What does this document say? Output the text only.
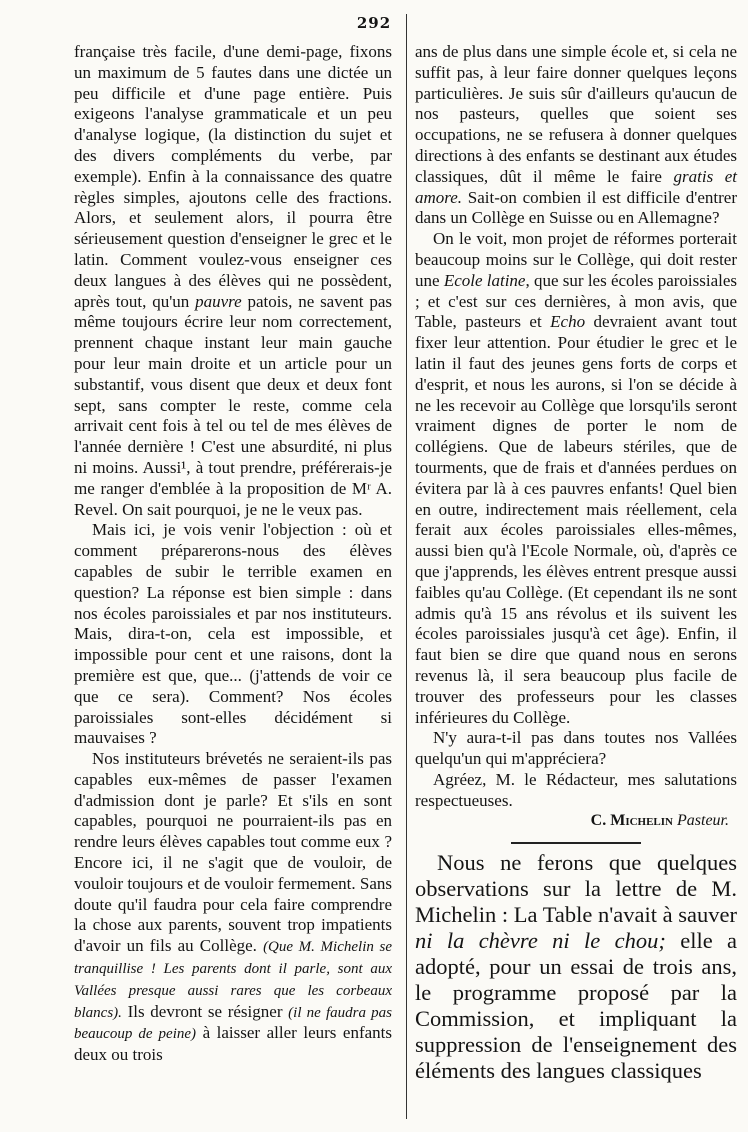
292

française très facile, d'une demi-page, fixons un maximum de 5 fautes dans une dictée un peu difficile et d'une page entière. Puis exigeons l'analyse grammaticale et un peu d'analyse logique, (la distinction du sujet et des divers compléments du verbe, par exemple). Enfin à la connaissance des quatre règles simples, ajoutons celle des fractions. Alors, et seulement alors, il pourra être sérieusement question d'enseigner le grec et le latin. Comment voulez-vous enseigner ces deux langues à des élèves qui ne possèdent, après tout, qu'un pauvre patois, ne savent pas même toujours écrire leur nom correctement, prennent chaque instant leur main gauche pour leur main droite et un article pour un substantif, vous disent que deux et deux font sept, sans compter le reste, comme cela arrivait cent fois à tel ou tel de mes élèves de l'année dernière ! C'est une absurdité, ni plus ni moins. Aussi¹, à tout prendre, préférerais-je me ranger d'emblée à la proposition de Mʳ A. Revel. On sait pourquoi, je ne le veux pas.

Mais ici, je vois venir l'objection : où et comment préparerons-nous des élèves capables de subir le terrible examen en question? La réponse est bien simple : dans nos écoles paroissiales et par nos instituteurs. Mais, dira-t-on, cela est impossible, et impossible pour cent et une raisons, dont la première est que, que... (j'attends de voir ce que ce sera). Comment? Nos écoles paroissiales sont-elles décidément si mauvaises ?

Nos instituteurs brévetés ne seraient-ils pas capables eux-mêmes de passer l'examen d'admission dont je parle? Et s'ils en sont capables, pourquoi ne pourraient-ils pas en rendre leurs élèves capables tout comme eux ? Encore ici, il ne s'agit que de vouloir, de vouloir toujours et de vouloir fermement. Sans doute qu'il faudra pour cela faire comprendre la chose aux parents, souvent trop impatients d'avoir un fils au Collège. (Que M. Michelin se tranquillise ! Les parents dont il parle, sont aux Vallées presque aussi rares que les corbeaux blancs). Ils devront se résigner (il ne faudra pas beaucoup de peine) à laisser aller leurs enfants deux ou trois

ans de plus dans une simple école et, si cela ne suffit pas, à leur faire donner quelques leçons particulières. Je suis sûr d'ailleurs qu'aucun de nos pasteurs, quelles que soient ses occupations, ne se refusera à donner quelques directions à des enfants se destinant aux études classiques, dût il même le faire gratis et amore. Sait-on combien il est difficile d'entrer dans un Collège en Suisse ou en Allemagne?

On le voit, mon projet de réformes porterait beaucoup moins sur le Collège, qui doit rester une Ecole latine, que sur les écoles paroissiales ; et c'est sur ces dernières, à mon avis, que Table, pasteurs et Echo devraient avant tout fixer leur attention. Pour étudier le grec et le latin il faut des jeunes gens forts de corps et d'esprit, et nous les aurons, si l'on se décide à ne les recevoir au Collège que lorsqu'ils seront vraiment dignes de porter le nom de collégiens. Que de labeurs stériles, que de tourments, que de frais et d'années perdues on évitera par là à ces pauvres enfants! Quel bien en outre, indirectement mais réellement, cela ferait aux écoles paroissiales elles-mêmes, aussi bien qu'à l'Ecole Normale, où, d'après ce que j'apprends, les élèves entrent presque aussi faibles qu'au Collège. (Et cependant ils ne sont admis qu'à 15 ans révolus et ils suivent les écoles paroissiales jusqu'à cet âge). Enfin, il faut bien se dire que quand nous en serons revenus là, il sera beaucoup plus facile de trouver des professeurs pour les classes inférieures du Collège.

N'y aura-t-il pas dans toutes nos Vallées quelqu'un qui m'appréciera?

Agréez, M. le Rédacteur, mes salutations respectueuses.

C. Michelin Pasteur.

Nous ne ferons que quelques observations sur la lettre de M. Michelin : La Table n'avait à sauver ni la chèvre ni le chou; elle a adopté, pour un essai de trois ans, le programme proposé par la Commission, et impliquant la suppression de l'enseignement des éléments des langues classiques
